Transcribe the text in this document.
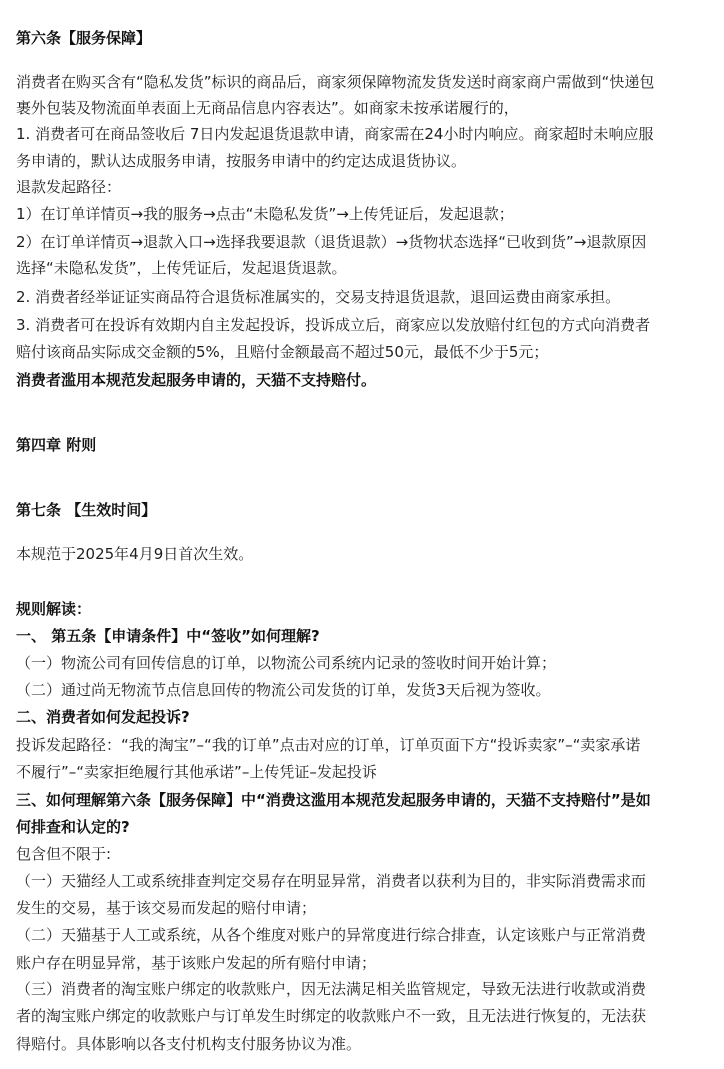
第六条【服务保障】
消费者在购买含有“隐私发货”标识的商品后，商家须保障物流发货发送时商家商户需做到“快递包
裹外包装及物流面单表面上无商品信息内容表达”。如商家未按承诺履行的，
1. 消费者可在商品签收后 7日内发起退货退款申请，商家需在24小时内响应。商家超时未响应服
务申请的，默认达成服务申请，按服务申请中的约定达成退货协议。
退款发起路径：
1）在订单详情页→我的服务→点击“未隐私发货”→上传凭证后，发起退款；
2）在订单详情页→退款入口→选择我要退款（退货退款）→货物状态选择“已收到货”→退款原因
选择“未隐私发货”，上传凭证后，发起退货退款。
2. 消费者经举证证实商品符合退货标准属实的，交易支持退货退款，退回运费由商家承担。
3. 消费者可在投诉有效期内自主发起投诉，投诉成立后，商家应以发放赔付红包的方式向消费者
赔付该商品实际成交金额的5%，且赔付金额最高不超过50元，最低不少于5元；
消费者滥用本规范发起服务申请的，天猫不支持赔付。
第四章 附则
第七条 【生效时间】
本规范于2025年4月9日首次生效。
规则解读：
一、 第五条【申请条件】中“签收”如何理解?
（一）物流公司有回传信息的订单，以物流公司系统内记录的签收时间开始计算；
（二）通过尚无物流节点信息回传的物流公司发货的订单，发货3天后视为签收。
二、消费者如何发起投诉?
投诉发起路径：“我的淘宝”–“我的订单”点击对应的订单，订单页面下方“投诉卖家”–“卖家承诺
不履行”–“卖家拒绝履行其他承诺”–上传凭证–发起投诉
三、如何理解第六条【服务保障】中“消费这滥用本规范发起服务申请的，天猫不支持赔付”是如
何排查和认定的?
包含但不限于:
（一）天猫经人工或系统排查判定交易存在明显异常，消费者以获利为目的，非实际消费需求而
发生的交易，基于该交易而发起的赔付申请；
（二）天猫基于人工或系统，从各个维度对账户的异常度进行综合排查，认定该账户与正常消费
账户存在明显异常，基于该账户发起的所有赔付申请；
（三）消费者的淘宝账户绑定的收款账户，因无法满足相关监管规定，导致无法进行收款或消费
者的淘宝账户绑定的收款账户与订单发生时绑定的收款账户不一致，且无法进行恢复的，无法获
得赔付。具体影响以各支付机构支付服务协议为准。
